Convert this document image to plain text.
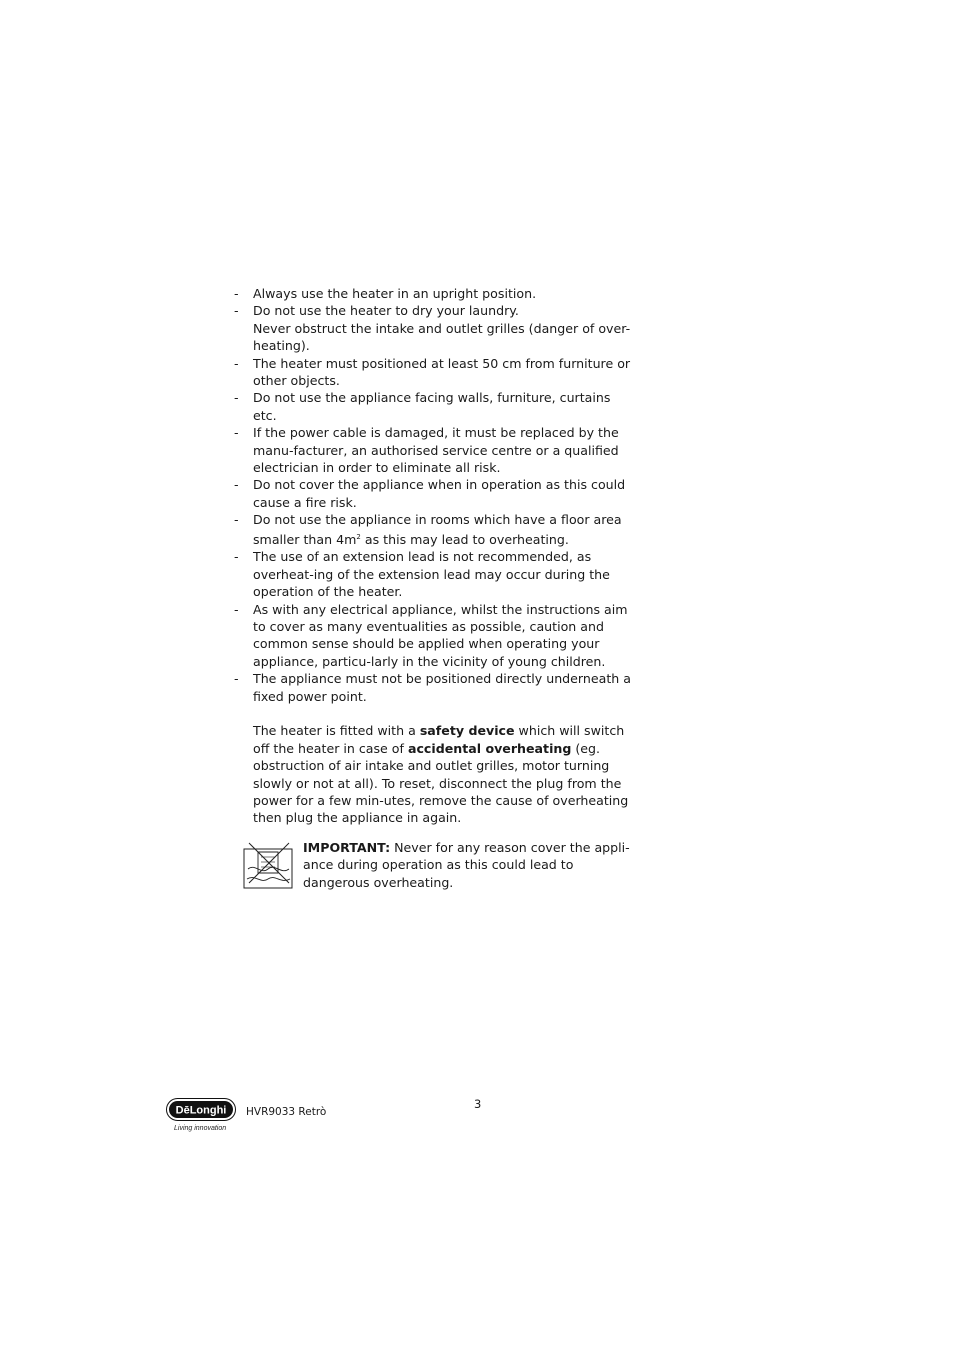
- Always use the heater in an upright position.
- Do not use the heater to dry your laundry.
Never obstruct the intake and outlet grilles (danger of over-heating).
- The heater must positioned at least 50 cm from furniture or other objects.
- Do not use the appliance facing walls, furniture, curtains etc.
- If the power cable is damaged, it must be replaced by the manu-facturer, an authorised service centre or a qualified electrician in order to eliminate all risk.
- Do not cover the appliance when in operation as this could cause a fire risk.
- Do not use the appliance in rooms which have a floor area smaller than $4m^2$ as this may lead to overheating.
- The use of an extension lead is not recommended, as overheat-ing of the extension lead may occur during the operation of the heater.
- As with any electrical appliance, whilst the instructions aim to cover as many eventualities as possible, caution and common sense should be applied when operating your appliance, particu-larly in the vicinity of young children.
- The appliance must not be positioned directly underneath a fixed power point.

The heater is fitted with a safety device which will switch off the heater in case of accidental overheating (eg. obstruction of air intake and outlet grilles, motor turning slowly or not at all). To reset, disconnect the plug from the power for a few min-utes, remove the cause of overheating then plug the appliance in again.

IMPORTANT: Never for any reason cover the appli-ance during operation as this could lead to dangerous overheating.
DēLonghi
Living innovation
HVR9033 Retrò
3
